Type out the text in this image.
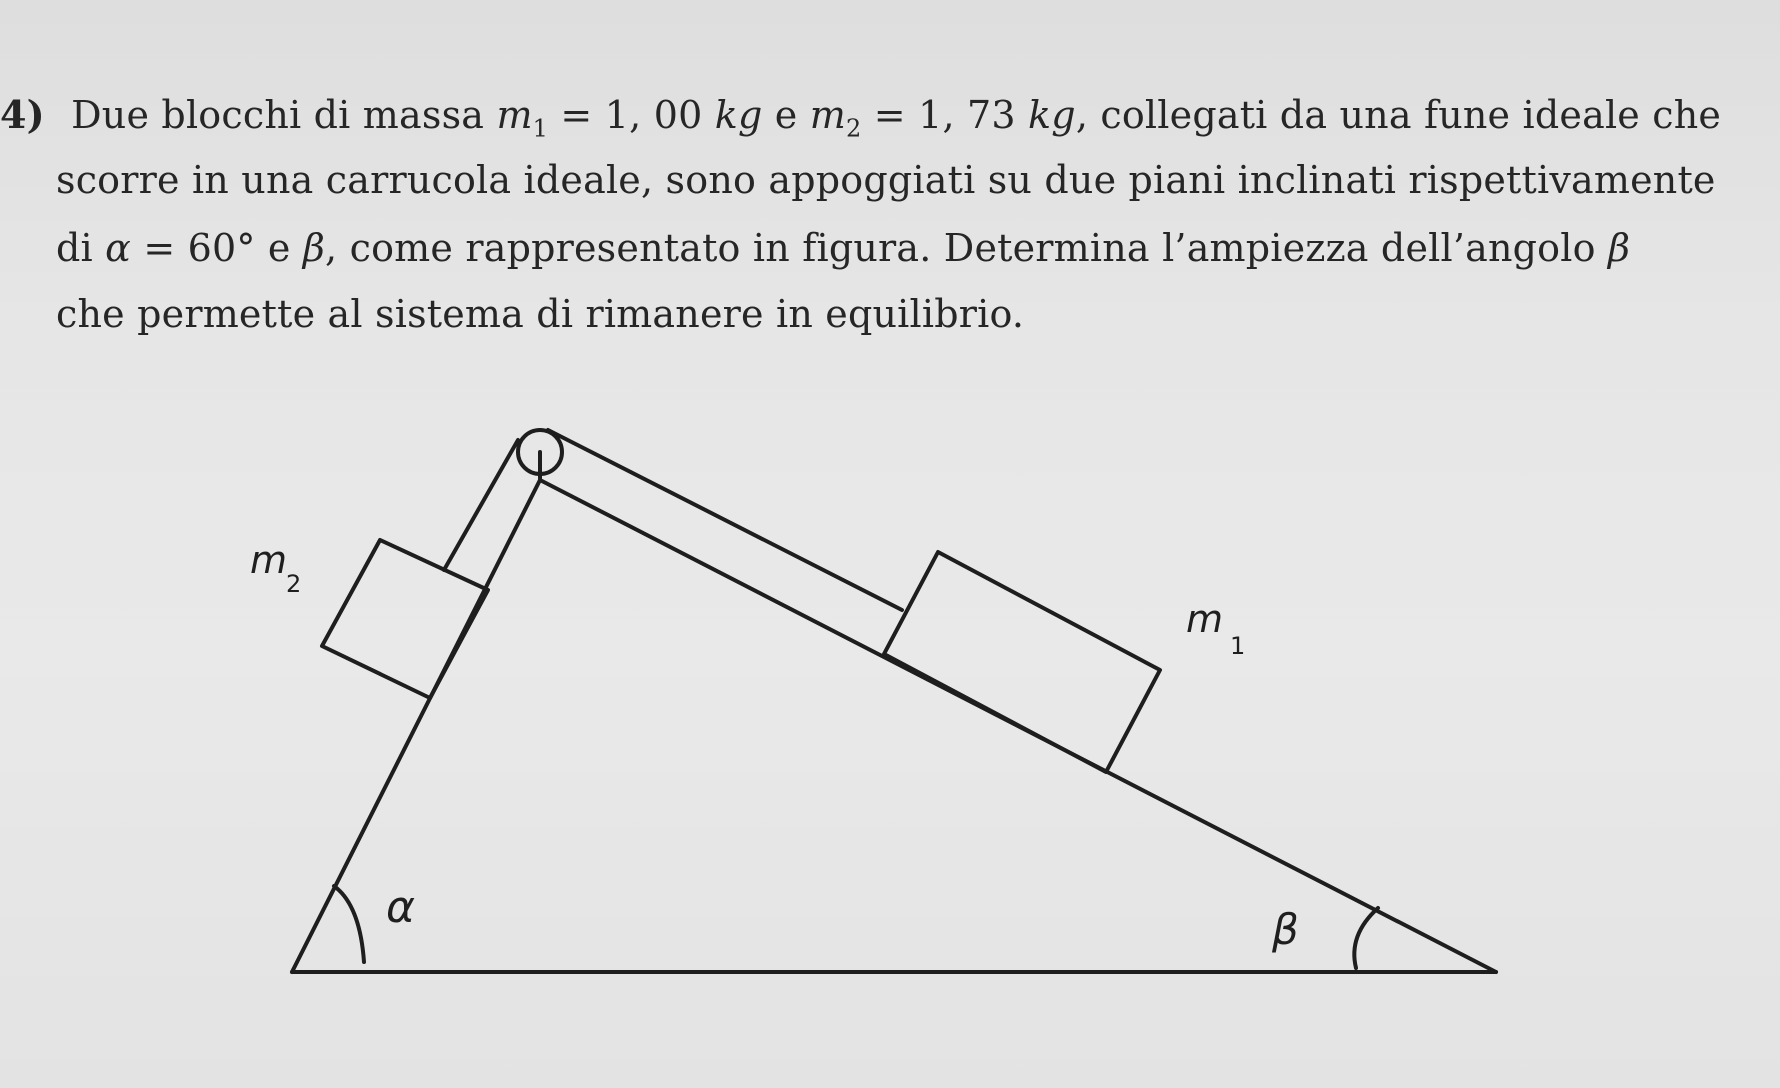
4) Due blocchi di massa $m_1 = 1$, 00 kg e $m_2 = 1$, 73 kg, collegati da una fune ideale che
scorre in una carrucola ideale, sono appoggiati su due piani inclinati rispettivamente
di α = 60° e β, come rappresentato in figura. Determina l’ampiezza dell’angolo β
che permette al sistema di rimanere in equilibrio.
m
2
m
1
α	β
